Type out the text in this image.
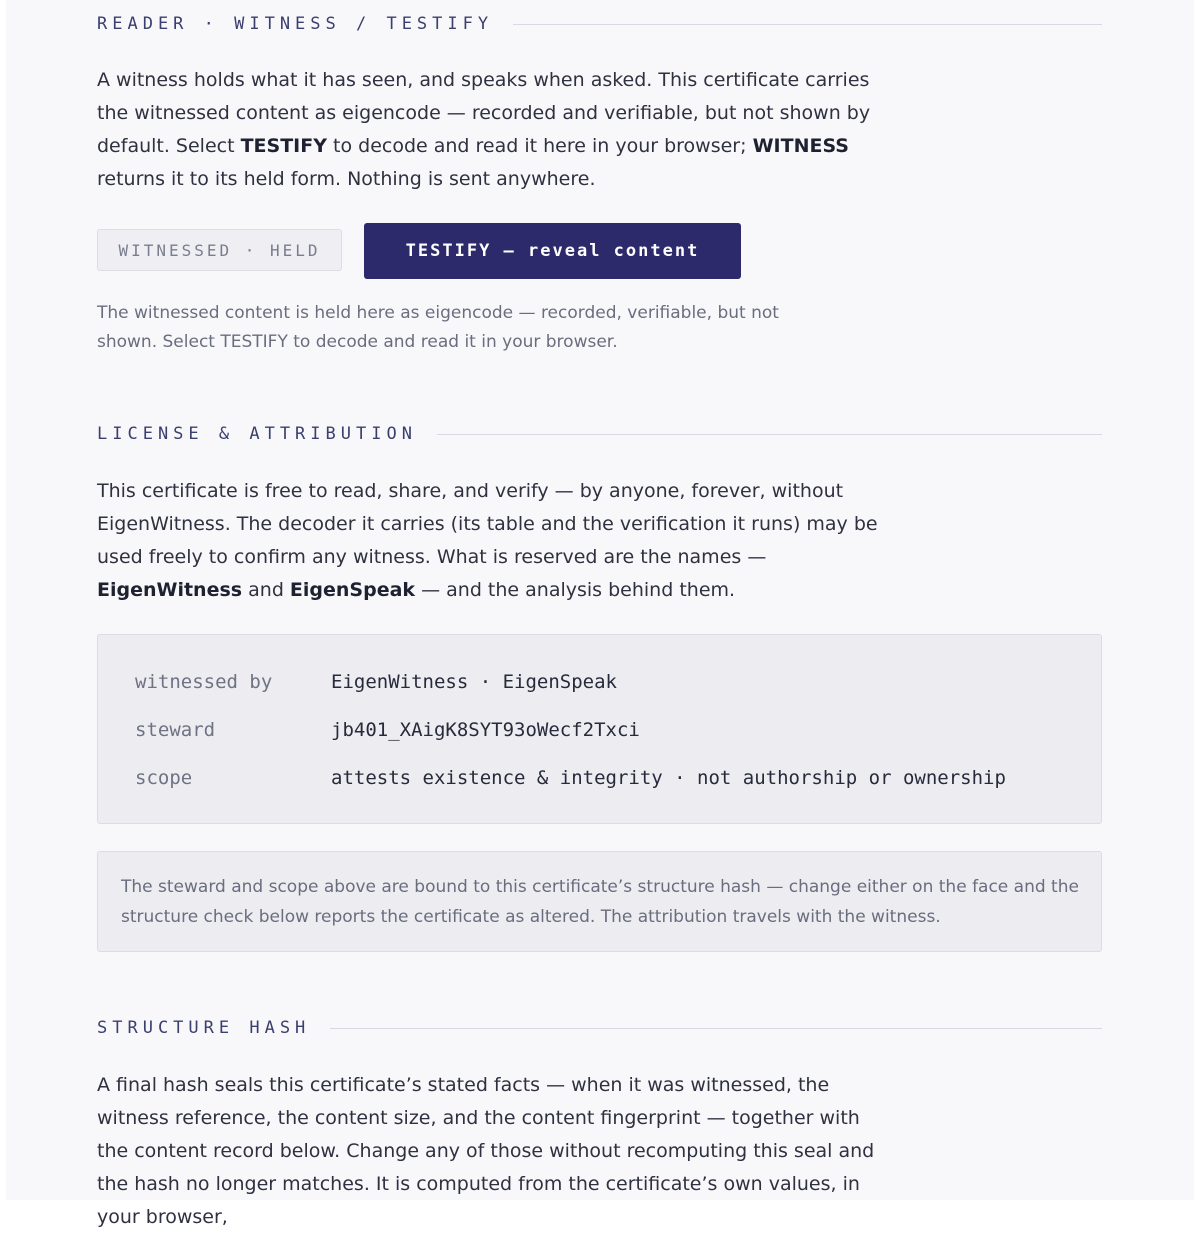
READER · WITNESS / TESTIFY
A witness holds what it has seen, and speaks when asked. This certificate carries the witnessed content as eigencode — recorded and verifiable, but not shown by default. Select TESTIFY to decode and read it here in your browser; WITNESS returns it to its held form. Nothing is sent anywhere.
WITNESSED · HELD	TESTIFY — reveal content
The witnessed content is held here as eigencode — recorded, verifiable, but not shown. Select TESTIFY to decode and read it in your browser.
LICENSE & ATTRIBUTION
This certificate is free to read, share, and verify — by anyone, forever, without EigenWitness. The decoder it carries (its table and the verification it runs) may be used freely to confirm any witness. What is reserved are the names — EigenWitness and EigenSpeak — and the analysis behind them.
witnessed by	EigenWitness · EigenSpeak
steward	jb401_XAigK8SYT93oWecf2Txci
scope	attests existence & integrity · not authorship or ownership
The steward and scope above are bound to this certificate’s structure hash — change either on the face and the structure check below reports the certificate as altered. The attribution travels with the witness.
STRUCTURE HASH
A final hash seals this certificate’s stated facts — when it was witnessed, the witness reference, the content size, and the content fingerprint — together with the content record below. Change any of those without recomputing this seal and the hash no longer matches. It is computed from the certificate’s own values, in your browser,
